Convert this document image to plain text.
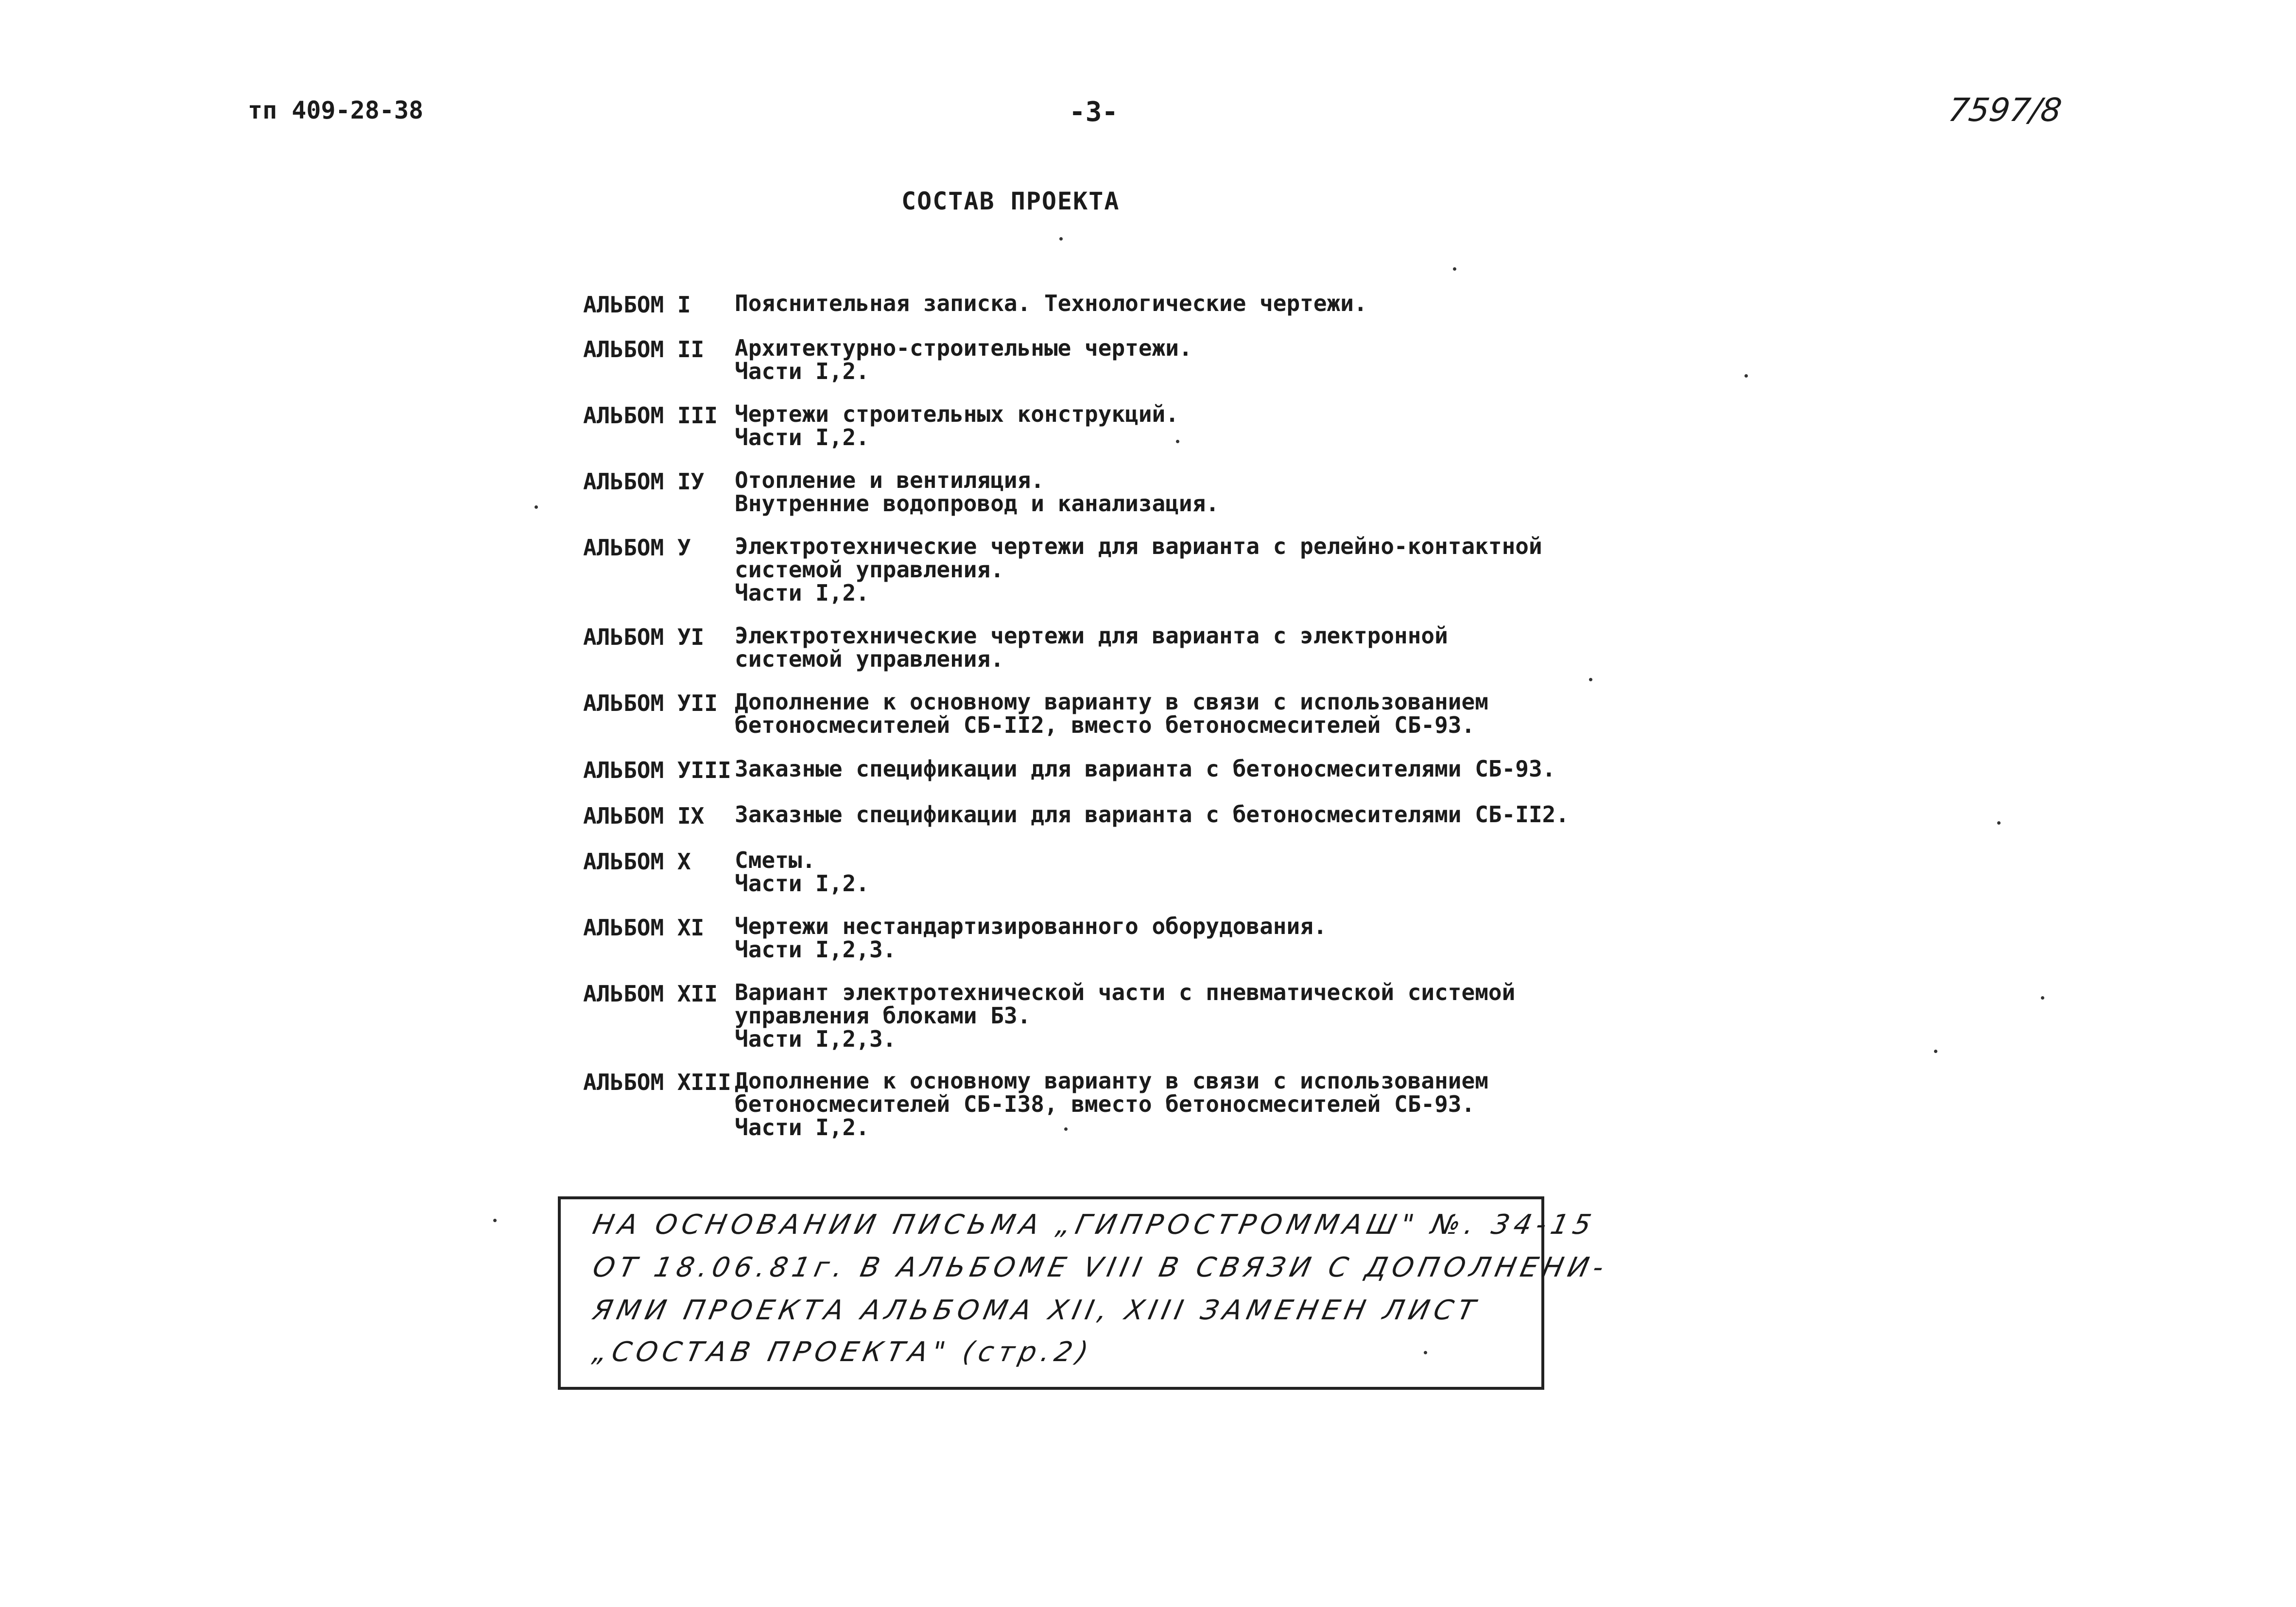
тп 409-28-38	-3-	7597/8
СОСТАВ ПРОЕКТА
АЛЬБОМ I	Пояснительная записка. Технологические чертежи.
АЛЬБОМ II	Архитектурно-строительные чертежи.
Части I,2.
АЛЬБОМ III Чертежи строительных конструкций.
Части I,2.
АЛЬБОМ IУ	Отопление и вентиляция.
Внутренние водопровод и канализация.
АЛЬБОМ У	Электротехнические чертежи для варианта с релейно-контактной
системой управления.
Части I,2.
АЛЬБОМ УI	Электротехнические чертежи для варианта с электронной
системой управления.
АЛЬБОМ УII Дополнение к основному варианту в связи с использованием
бетоносмесителей СБ-II2, вместо бетоносмесителей СБ-93.
АЛЬБОМ УIII Заказные спецификации для варианта с бетоносмесителями СБ-93.
АЛЬБОМ IX	Заказные спецификации для варианта с бетоносмесителями СБ-II2.
АЛЬБОМ X	Сметы.
Части I,2.
АЛЬБОМ XI	Чертежи нестандартизированного оборудования.
Части I,2,3.
АЛЬБОМ XII Вариант электротехнической части с пневматической системой
управления блоками БЗ.
Части I,2,3.
АЛЬБОМ XIII Дополнение к основному варианту в связи с использованием
бетоносмесителей СБ-I38, вместо бетоносмесителей СБ-93.
Части I,2.
НА ОСНОВАНИИ ПИСЬМА „ГИПРОСТРОММАШ" №. 34-15
ОТ 18.06.81г. В АЛЬБОМЕ VIII В СВЯЗИ С ДОПОЛНЕНИ-
ЯМИ ПРОЕКТА АЛЬБОМА XII, XIII ЗАМЕНЕН ЛИСТ
„СОСТАВ ПРОЕКТА" (стр.2)
